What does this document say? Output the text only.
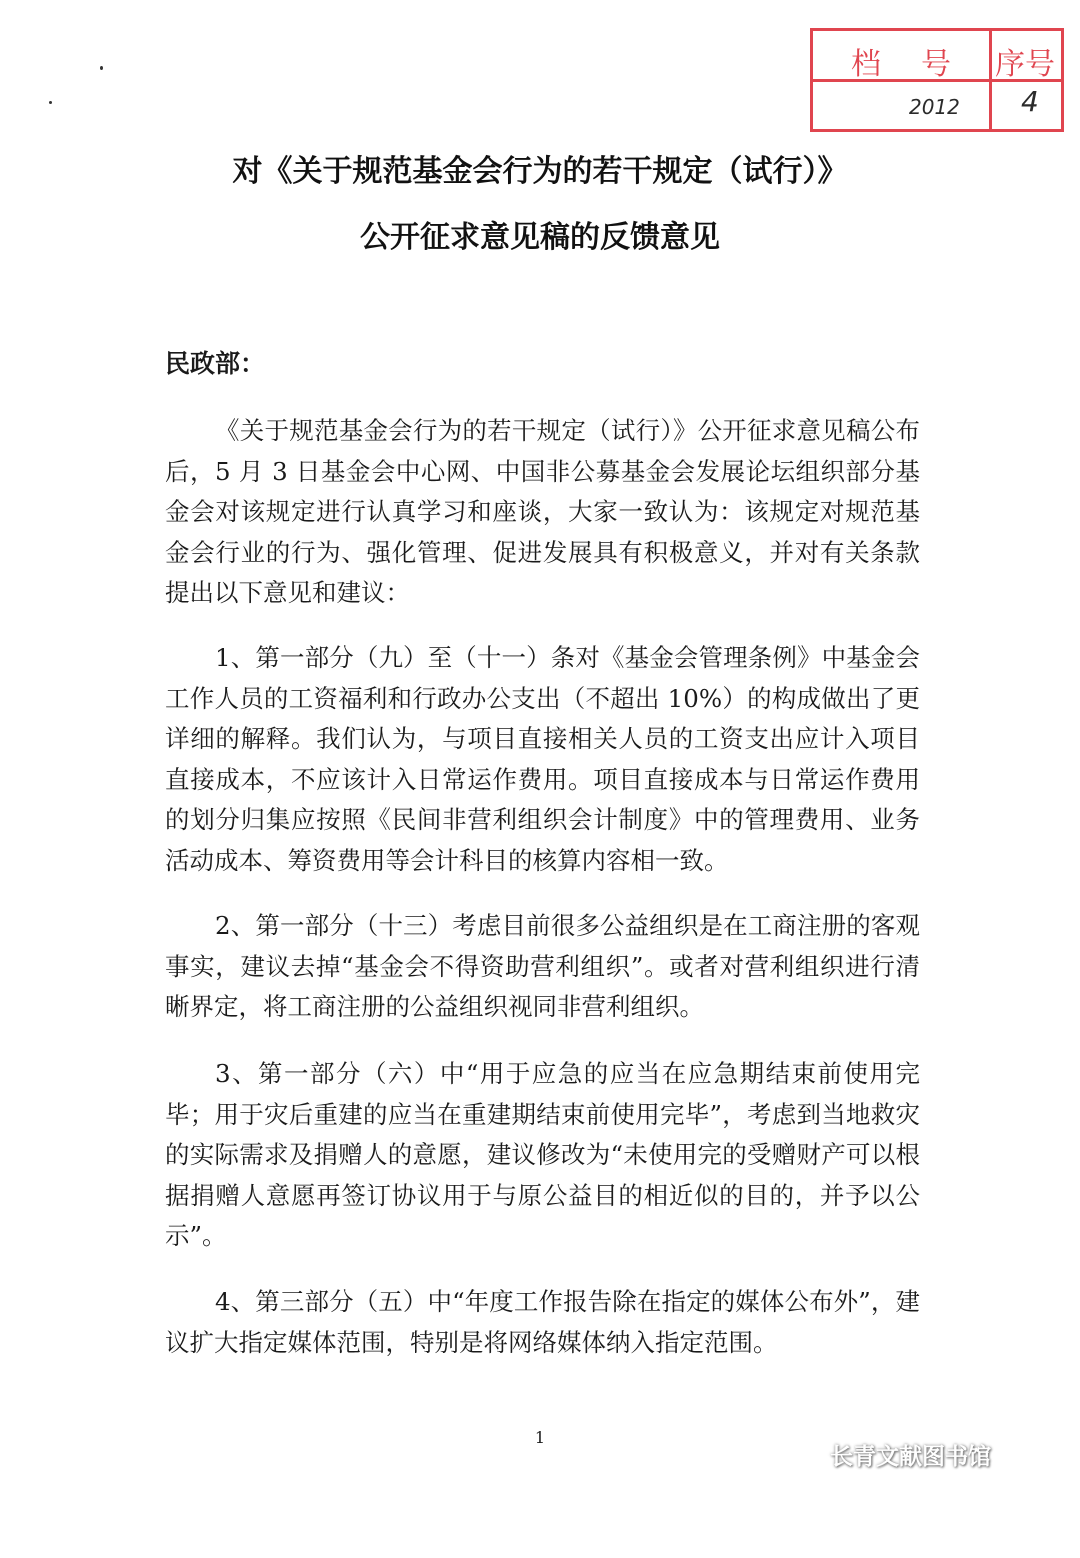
档 号 序号
2012 4
对《关于规范基金会行为的若干规定（试行）》
公开征求意见稿的反馈意见
民政部：

《关于规范基金会行为的若干规定（试行）》公开征求意见稿公布后，5 月 3 日基金会中心网、中国非公募基金会发展论坛组织部分基金会对该规定进行认真学习和座谈，大家一致认为：该规定对规范基金会行业的行为、强化管理、促进发展具有积极意义，并对有关条款提出以下意见和建议：

1、第一部分（九）至（十一）条对《基金会管理条例》中基金会工作人员的工资福利和行政办公支出（不超出 10%）的构成做出了更详细的解释。我们认为，与项目直接相关人员的工资支出应计入项目直接成本，不应该计入日常运作费用。项目直接成本与日常运作费用的划分归集应按照《民间非营利组织会计制度》中的管理费用、业务活动成本、筹资费用等会计科目的核算内容相一致。

2、第一部分（十三）考虑目前很多公益组织是在工商注册的客观事实，建议去掉“基金会不得资助营利组织”。或者对营利组织进行清晰界定，将工商注册的公益组织视同非营利组织。

3、第一部分（六）中“用于应急的应当在应急期结束前使用完毕；用于灾后重建的应当在重建期结束前使用完毕”，考虑到当地救灾的实际需求及捐赠人的意愿，建议修改为“未使用完的受赠财产可以根据捐赠人意愿再签订协议用于与原公益目的相近似的目的，并予以公示”。

4、第三部分（五）中“年度工作报告除在指定的媒体公布外”，建议扩大指定媒体范围，特别是将网络媒体纳入指定范围。

1
长青文献图书馆
